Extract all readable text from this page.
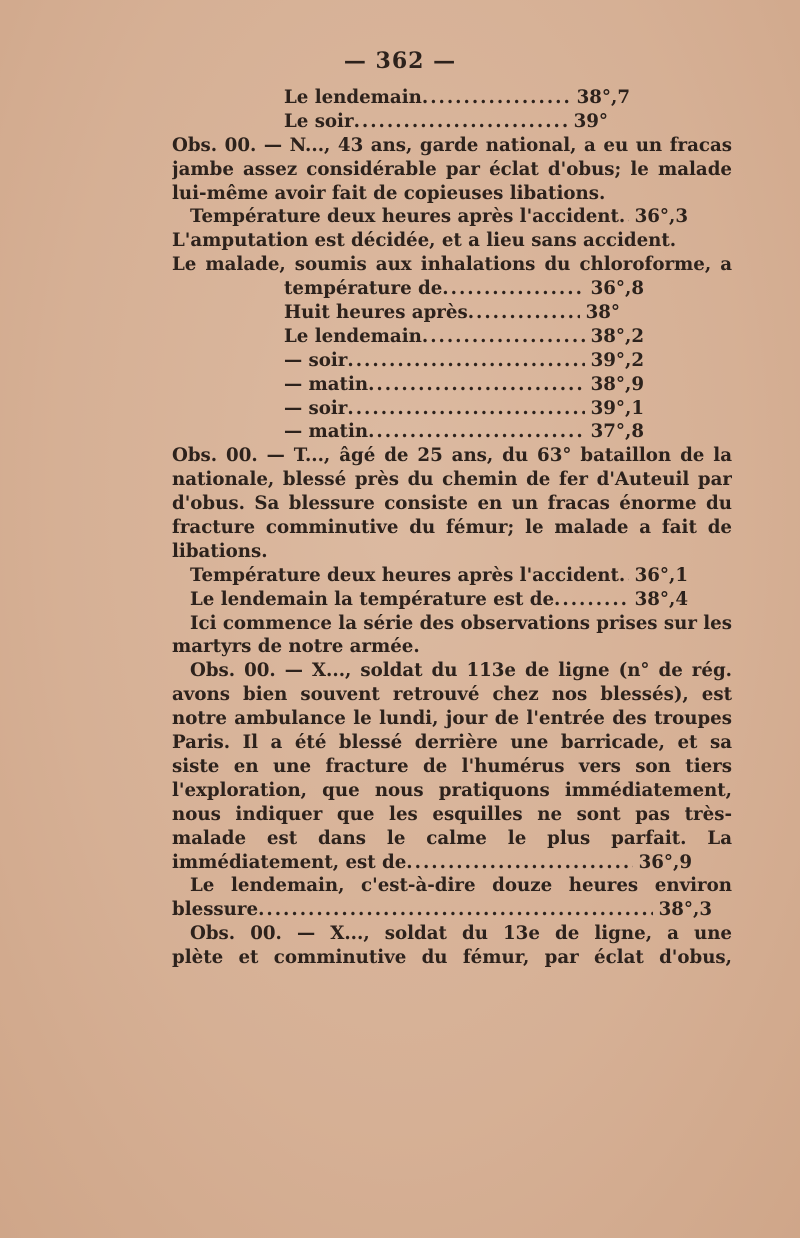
— 362 —
Le lendemain .....	38°,7
Le soir .....	39°
Obs. 00. — N..., 43 ans, garde national, a eu un fracas
jambe assez considérable par éclat d'obus; le malade
lui-même avoir fait de copieuses libations.
Température deux heures après l'accident ..... 36°,3
L'amputation est décidée, et a lieu sans accident.
Le malade, soumis aux inhalations du chloroforme, a
température de .....	36°,8
Huit heures après .....	38°
Le lendemain .....	38°,2
— soir .....	39°,2
— matin .....	38°,9
— soir .....	39°,1
— matin .....	37°,8
Obs. 00. — T..., âgé de 25 ans, du 63° bataillon de la
nationale, blessé près du chemin de fer d'Auteuil par
d'obus. Sa blessure consiste en un fracas énorme du
fracture comminutive du fémur; le malade a fait de
libations.
Température deux heures après l'accident ..... 36°,1
Le lendemain la température est de .....	38°,4
Ici commence la série des observations prises sur les
martyrs de notre armée.
Obs. 00. — X..., soldat du 113e de ligne (n° de rég.
avons bien souvent retrouvé chez nos blessés), est
notre ambulance le lundi, jour de l'entrée des troupes
Paris. Il a été blessé derrière une barricade, et sa
siste en une fracture de l'humérus vers son tiers
l'exploration, que nous pratiquons immédiatement,
nous indiquer que les esquilles ne sont pas très-
malade est dans le calme le plus parfait. La
immédiatement, est de .....	36°,9
Le lendemain, c'est-à-dire douze heures environ
blessure .....	38°,3
Obs. 00. — X..., soldat du 13e de ligne, a une
plète et comminutive du fémur, par éclat d'obus,
